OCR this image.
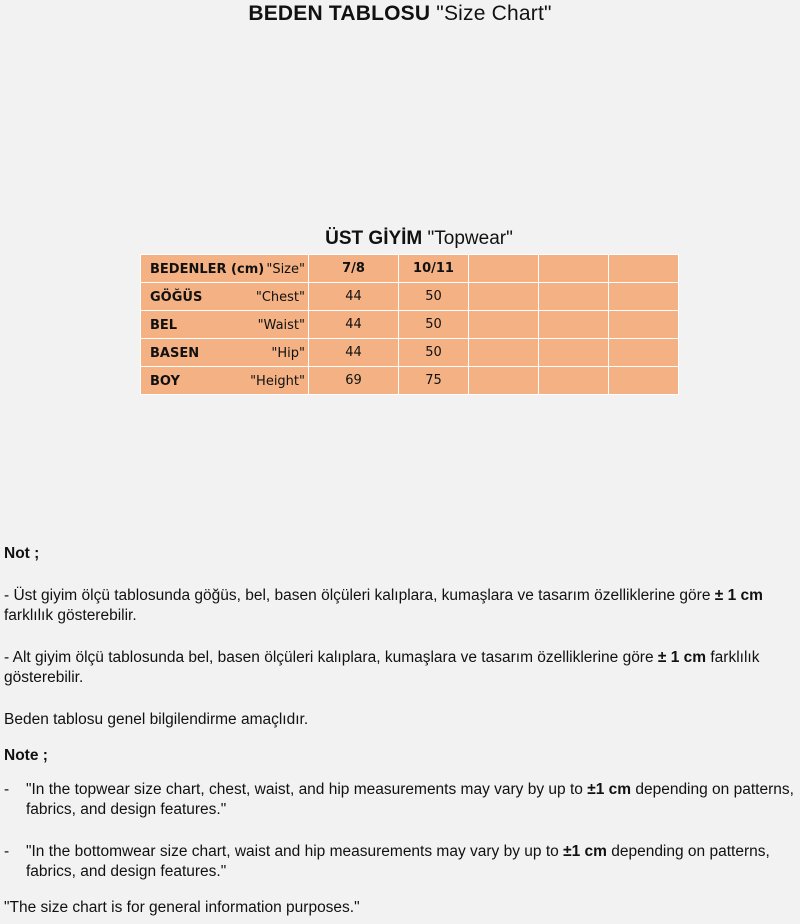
BEDEN TABLOSU "Size Chart"
ÜST GİYİM "Topwear"
BEDENLER (cm) "Size"	7/8	10/11			

GÖĞÜS "Chest"	44	50			

BEL "Waist"	44	50			

BASEN "Hip"	44	50			

BOY "Height"	69	75			

Not ;

- Üst giyim ölçü tablosunda göğüs, bel, basen ölçüleri kalıplara, kumaşlara ve tasarım özelliklerine göre ± 1 cm farklılık gösterebilir.

- Alt giyim ölçü tablosunda bel, basen ölçüleri kalıplara, kumaşlara ve tasarım özelliklerine göre ± 1 cm farklılık gösterebilir.

Beden tablosu genel bilgilendirme amaçlıdır.

Note ;

- "In the topwear size chart, chest, waist, and hip measurements may vary by up to ±1 cm depending on patterns, fabrics, and design features."

- "In the bottomwear size chart, waist and hip measurements may vary by up to ±1 cm depending on patterns, fabrics, and design features."

"The size chart is for general information purposes."
